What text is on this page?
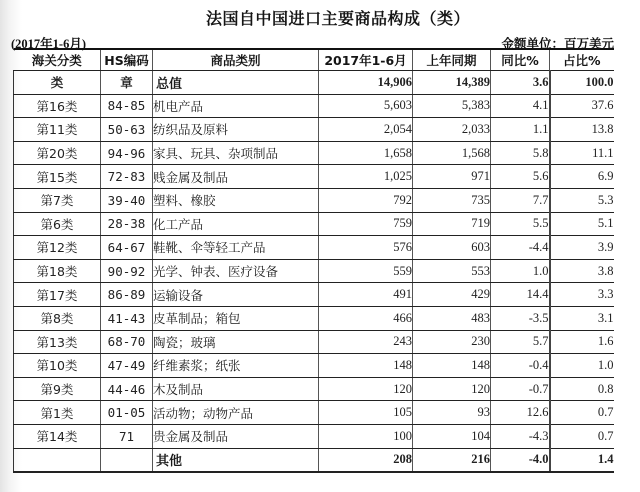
法国自中国进口主要商品构成（类）
(2017年1-6月)	金额单位：百万美元
海关分类	HS编码	商品类别	2017年1-6月	上年同期	同比%	占比%
类	章	总值	14,906	14,389	3.6	100.0
第16类	84-85	机电产品	5,603	5,383	4.1	37.6
第11类	50-63	纺织品及原料	2,054	2,033	1.1	13.8
第20类	94-96	家具、玩具、杂项制品	1,658	1,568	5.8	11.1
第15类	72-83	贱金属及制品	1,025	971	5.6	6.9
第7类	39-40	塑料、橡胶	792	735	7.7	5.3
第6类	28-38	化工产品	759	719	5.5	5.1
第12类	64-67	鞋靴、伞等轻工产品	576	603	-4.4	3.9
第18类	90-92	光学、钟表、医疗设备	559	553	1.0	3.8
第17类	86-89	运输设备	491	429	14.4	3.3
第8类	41-43	皮革制品；箱包	466	483	-3.5	3.1
第13类	68-70	陶瓷；玻璃	243	230	5.7	1.6
第10类	47-49	纤维素浆；纸张	148	148	-0.4	1.0
第9类	44-46	木及制品	120	120	-0.7	0.8
第1类	01-05	活动物；动物产品	105	93	12.6	0.7
第14类	71	贵金属及制品	100	104	-4.3	0.7
		其他	208	216	-4.0	1.4
